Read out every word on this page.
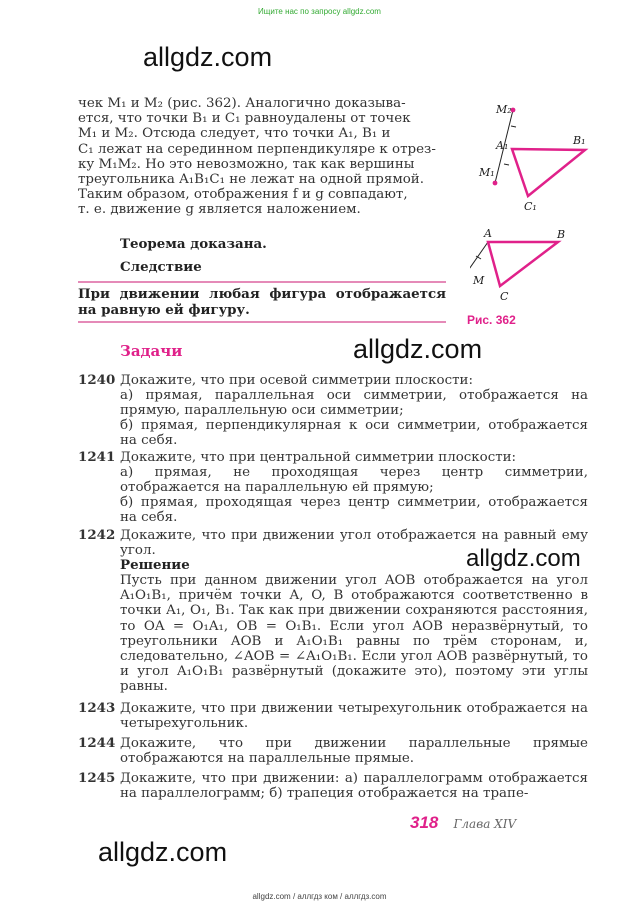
Ищите нас по запросу allgdz.com
allgdz.com
чек M₁ и M₂ (рис. 362). Аналогично доказыва-
ется, что точки B₁ и C₁ равноудалены от точек
M₁ и M₂. Отсюда следует, что точки A₁, B₁ и
C₁ лежат на серединном перпендикуляре к отрез-
ку M₁M₂. Но это невозможно, так как вершины
треугольника A₁B₁C₁ не лежат на одной прямой.
Таким образом, отображения f и g совпадают,
т. е. движение g является наложением.
Теорема доказана.
Следствие
При движении любая фигура отображается на равную ей фигуру.
M₂
A₁	B₁
M₁
C₁
A	B
M
C
Рис. 362
Задачи	allgdz.com
1240 Докажите, что при осевой симметрии плоскости:
а) прямая, параллельная оси симметрии, отображается на прямую, параллельную оси симметрии;
б) прямая, перпендикулярная к оси симметрии, отображается на себя.
1241 Докажите, что при центральной симметрии плоскости:
а) прямая, не проходящая через центр симметрии, отображается на параллельную ей прямую;
б) прямая, проходящая через центр симметрии, отображается на себя.
1242 Докажите, что при движении угол отображается на равный ему угол.
Решение
Пусть при данном движении угол AOB отображается на угол A₁O₁B₁, причём точки A, O, B отображаются соответственно в точки A₁, O₁, B₁. Так как при движении сохраняются расстояния, то OA = O₁A₁, OB = O₁B₁. Если угол AOB неразвёрнутый, то треугольники AOB и A₁O₁B₁ равны по трём сторонам, и, следовательно, ∠AOB = ∠A₁O₁B₁. Если угол AOB развёрнутый, то и угол A₁O₁B₁ развёрнутый (докажите это), поэтому эти углы равны.
allgdz.com
1243 Докажите, что при движении четырехугольник отображается на четырехугольник.
1244 Докажите, что при движении параллельные прямые отображаются на параллельные прямые.
1245 Докажите, что при движении: а) параллелограмм отображается на параллелограмм; б) трапеция отображается на трапе-
318 Глава XIV
allgdz.com
allgdz.com / аллгдз ком / аллгдз.com
